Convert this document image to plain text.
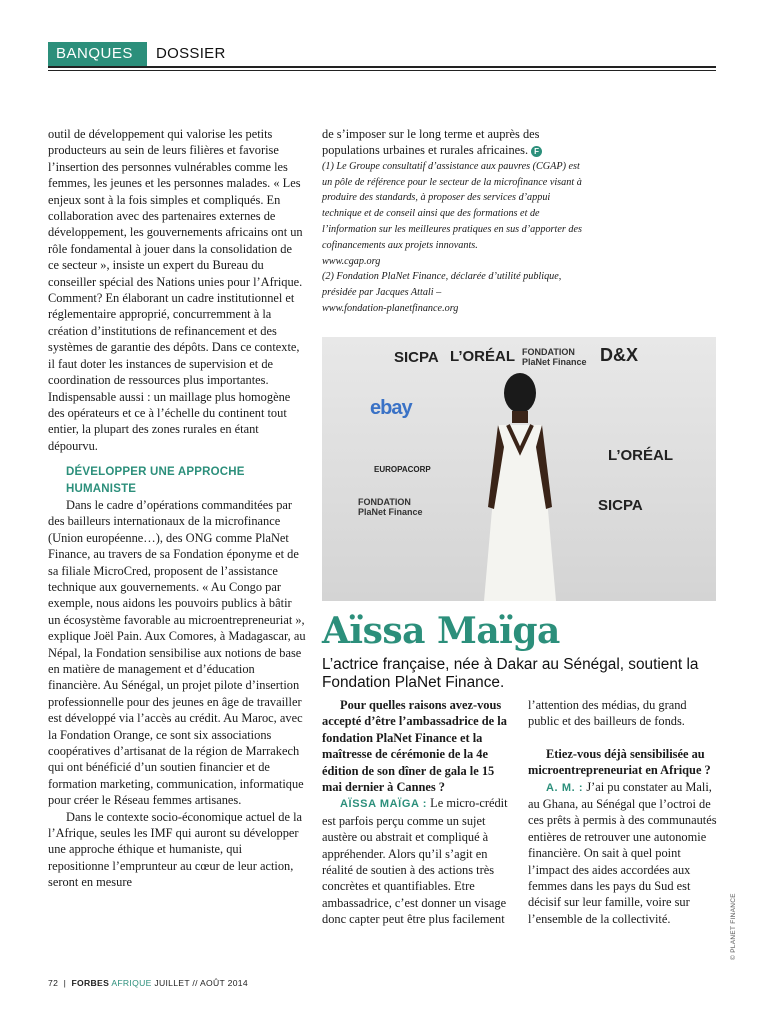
BANQUES	DOSSIER

outil de développement qui valorise les petits producteurs au sein de leurs filières et favorise l’insertion des personnes vulnérables comme les femmes, les jeunes et les personnes malades. « Les enjeux sont à la fois simples et compliqués. En collaboration avec des partenaires externes de développement, les gouvernements africains ont un rôle fondamental à jouer dans la consolidation de ce secteur », insiste un expert du Bureau du conseiller spécial des Nations unies pour l’Afrique. Comment? En élaborant un cadre institutionnel et réglementaire approprié, concurremment à la création d’institutions de refinancement et des systèmes de garantie des dépôts. Dans ce contexte, il faut doter les instances de supervision et de coordination de ressources plus importantes. Indispensable aussi : un maillage plus homogène des opérateurs et ce à l’échelle du continent tout entier, la plupart des zones rurales en étant dépourvu.

DÉVELOPPER UNE APPROCHE HUMANISTE

Dans le cadre d’opérations commanditées par des bailleurs internationaux de la microfinance (Union européenne…), des ONG comme PlaNet Finance, au travers de sa Fondation éponyme et de sa filiale MicroCred, proposent de l’assistance technique aux gouvernements. « Au Congo par exemple, nous aidons les pouvoirs publics à bâtir un écosystème favorable au microentrepreneuriat », explique Joël Pain. Aux Comores, à Madagascar, au Népal, la Fondation sensibilise aux notions de base en matière de management et d’éducation financière. Au Sénégal, un projet pilote d’insertion professionnelle pour des jeunes en âge de travailler est développé via l’accès au crédit. Au Maroc, avec la Fondation Orange, ce sont six associations coopératives d’artisanat de la région de Marrakech qui ont bénéficié d’un soutien financier et de formation marketing, communication, informatique pour créer le Réseau femmes artisanes.

Dans le contexte socio-économique actuel de la l’Afrique, seules les IMF qui auront su développer une approche éthique et humaniste, qui repositionne l’emprunteur au cœur de leur action, seront en mesure

de s’imposer sur le long terme et auprès des populations urbaines et rurales africaines. F

(1) Le Groupe consultatif d’assistance aux pauvres (CGAP) est un pôle de référence pour le secteur de la microfinance visant à produire des standards, à proposer des services d’appui technique et de conseil ainsi que des formations et de l’information sur les meilleures pratiques en sus d’apporter des cofinancements aux projets innovants.

www.cgap.org

(2) Fondation PlaNet Finance, déclarée d’utilité publique, présidée par Jacques Attali –

www.fondation-planetfinance.org

SICPA L’ORÉAL FONDATION PlaNet Finance D&X
ebay
EUROPACORP
FONDATION PlaNet Finance	SICPA
L’ORÉAL
Aïssa Maïga
L’actrice française, née à Dakar au Sénégal, soutient la Fondation PlaNet Finance.

Pour quelles raisons avez-vous accepté d’être l’ambassadrice de la fondation PlaNet Finance et la maîtresse de cérémonie de la 4e édition de son dîner de gala le 15 mai dernier à Cannes ?

AÏSSA MAÏGA : Le micro-crédit est parfois perçu comme un sujet austère ou abstrait et compliqué à appréhender. Alors qu’il s’agit en réalité de soutien à des actions très concrètes et quantifiables. Etre ambassadrice, c’est donner un visage donc capter peut être plus facilement

l’attention des médias, du grand public et des bailleurs de fonds.

Etiez-vous déjà sensibilisée au microentrepreneuriat en Afrique ?

A. M. : J’ai pu constater au Mali, au Ghana, au Sénégal que l’octroi de ces prêts à permis à des communautés entières de retrouver une autonomie financière. On sait à quel point l’impact des aides accordées aux femmes dans les pays du Sud est décisif sur leur famille, voire sur l’ensemble de la collectivité.	© PLANET FINANCE
72  |  FORBES AFRIQUE JUILLET // AOÛT 2014
